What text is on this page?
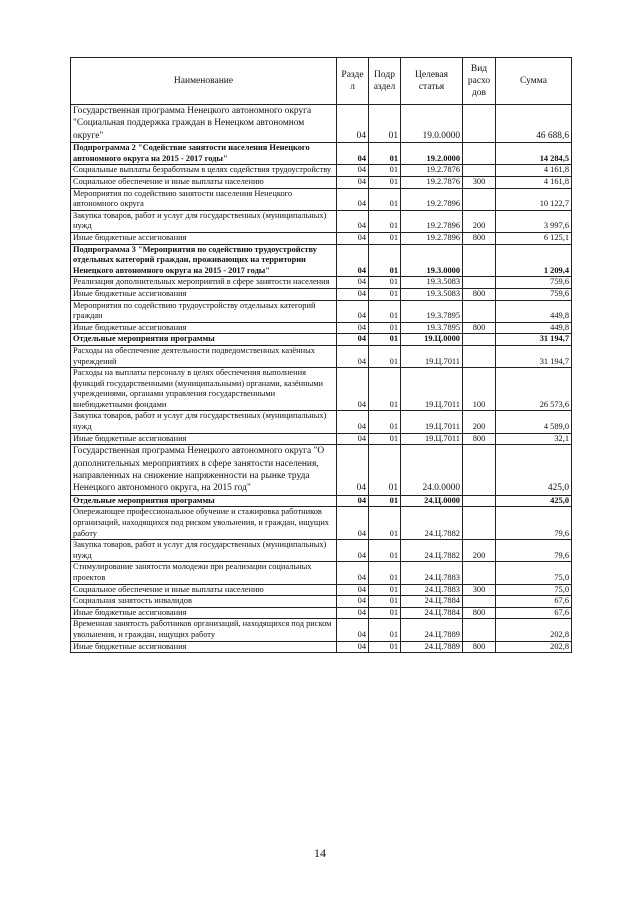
Наименование	Разде л	Подр аздел	Целевая статья	Вид расхо дов	Сумма
Государственная программа Ненецкого автономного округа "Социальная поддержка граждан в Ненецком автономном округе"	04	01	19.0.0000		46 688,6
Подпрограмма 2 "Содействие занятости населения Ненецкого автономного округа на 2015 - 2017 годы"	04	01	19.2.0000		14 284,5
Социальные выплаты безработным в целях содействия трудоустройству	04	01	19.2.7876		4 161,8
Социальное обеспечение и иные выплаты населению	04	01	19.2.7876	300	4 161,8
Мероприятия по содействию занятости населения Ненецкого автономного округа	04	01	19.2.7896		10 122,7
Закупка товаров, работ и услуг для государственных (муниципальных) нужд	04	01	19.2.7896	200	3 997,6
Иные бюджетные ассигнования	04	01	19.2.7896	800	6 125,1
Подпрограмма 3 "Мероприятия по содействию трудоустройству отдельных категорий граждан, проживающих на территории Ненецкого автономного округа на 2015 - 2017 годы"	04	01	19.3.0000		1 209,4
Реализация дополнительных мероприятий в сфере занятости населения	04	01	19.3.5083		759,6
Иные бюджетные ассигнования	04	01	19.3.5083	800	759,6
Мероприятия по содействию трудоустройству отдельных категорий граждан	04	01	19.3.7895		449,8
Иные бюджетные ассигнования	04	01	19.3.7895	800	449,8
Отдельные мероприятия программы	04	01	19.Ц.0000		31 194,7
Расходы на обеспечение деятельности подведомственных казённых учреждений	04	01	19.Ц.7011		31 194,7
Расходы на выплаты персоналу в целях обеспечения выполнения функций государственными (муниципальными) органами, казёнными учреждениями, органами управления государственными внебюджетными фондами	04	01	19.Ц.7011	100	26 573,6
Закупка товаров, работ и услуг для государственных (муниципальных) нужд	04	01	19.Ц.7011	200	4 589,0
Иные бюджетные ассигнования	04	01	19.Ц.7011	800	32,1
Государственная программа Ненецкого автономного округа "О дополнительных мероприятиях в сфере занятости населения, направленных на снижение напряженности на рынке труда Ненецкого автономного округа, на 2015 год"	04	01	24.0.0000		425,0
Отдельные мероприятия программы	04	01	24.Ц.0000		425,0
Опережающее профессиональное обучение и стажировка работников организаций, находящихся под риском увольнения, и граждан, ищущих работу	04	01	24.Ц.7882		79,6
Закупка товаров, работ и услуг для государственных (муниципальных) нужд	04	01	24.Ц.7882	200	79,6
Стимулирование занятости молодежи при реализации социальных проектов	04	01	24.Ц.7883		75,0
Социальное обеспечение и иные выплаты населению	04	01	24.Ц.7883	300	75,0
Социальная занятость инвалидов	04	01	24.Ц.7884		67,6
Иные бюджетные ассигнования	04	01	24.Ц.7884	800	67,6
Временная занятость работников организаций, находящихся под риском увольнения, и граждан, ищущих работу	04	01	24.Ц.7889		202,8
Иные бюджетные ассигнования	04	01	24.Ц.7889	800	202,8
14
